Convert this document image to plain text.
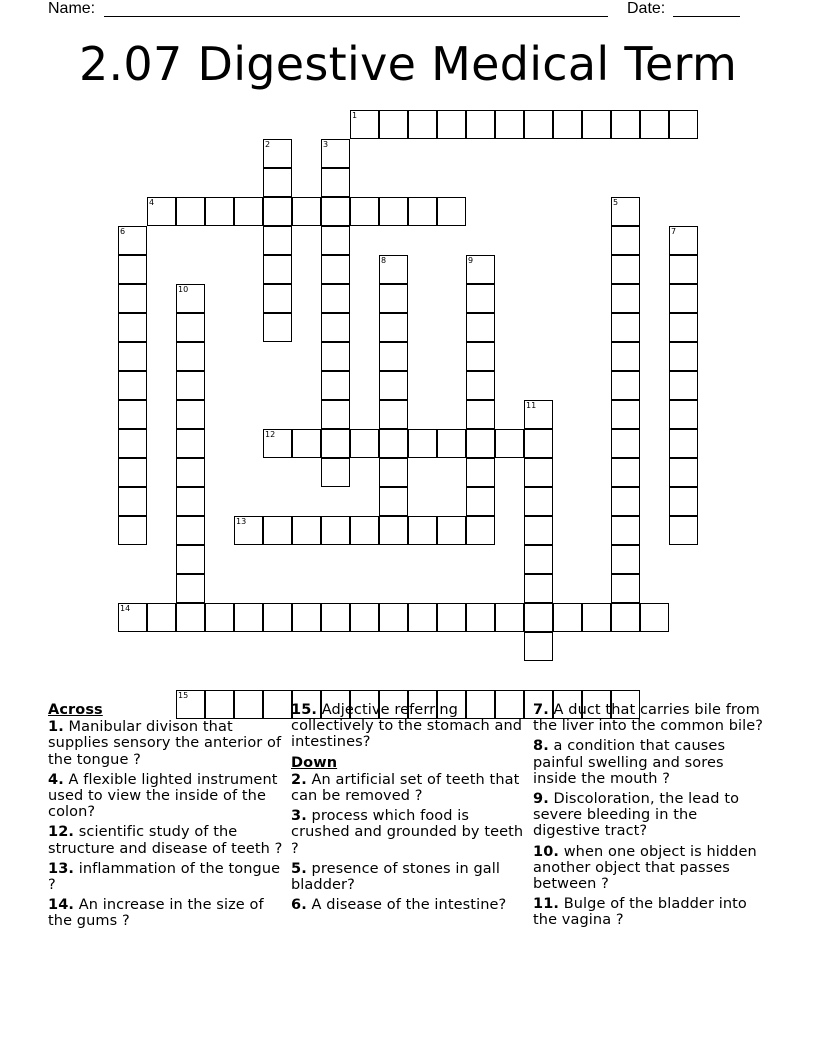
Name:	Date:
2.07 Digestive Medical Term
1
2	3
4	5
6	7
8	9
10
11
12
13
14
15
Across
1. Manibular divison that supplies sensory the anterior of the tongue ?
4. A flexible lighted instrument used to view the inside of the colon?
12. scientific study of the structure and disease of teeth ?
13. inflammation of the tongue ?
14. An increase in the size of the gums ?
15. Adjective referring collectively to the stomach and intestines?
Down
2. An artificial set of teeth that can be removed ?
3. process which food is crushed and grounded by teeth ?
5. presence of stones in gall bladder?
6. A disease of the intestine?
7. A duct that carries bile from the liver into the common bile?
8. a condition that causes painful swelling and sores inside the mouth ?
9. Discoloration, the lead to severe bleeding in the digestive tract?
10. when one object is hidden another object that passes between ?
11. Bulge of the bladder into the vagina ?
